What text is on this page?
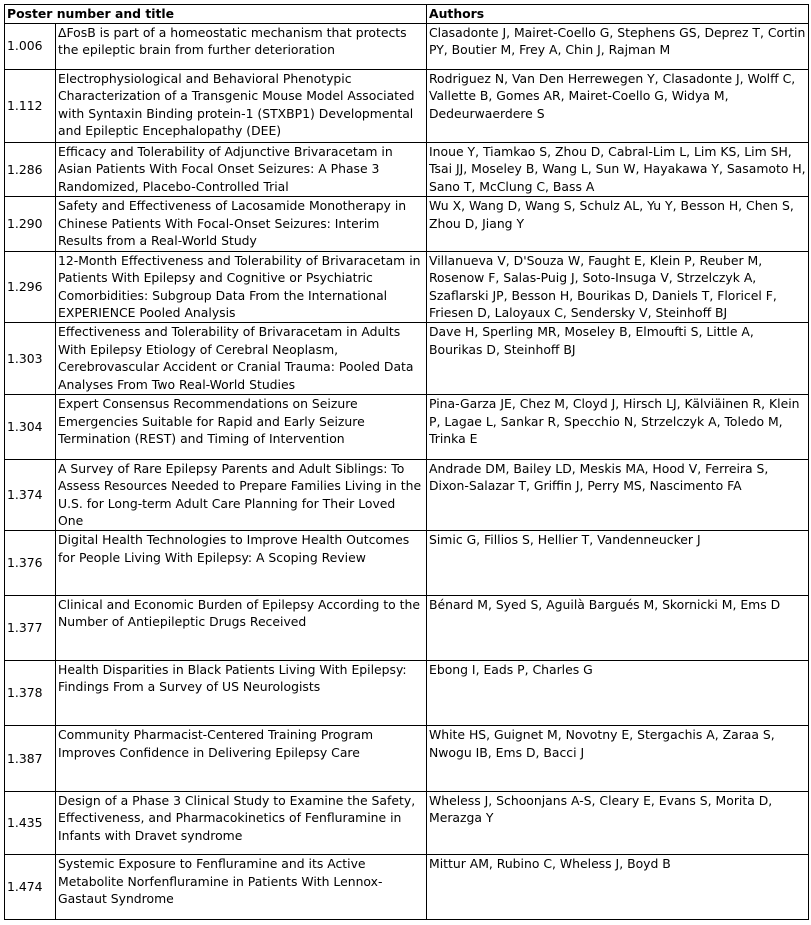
Poster number and title		Authors
1.006	ΔFosB is part of a homeostatic mechanism that protects the epileptic brain from further deterioration	Clasadonte J, Mairet-Coello G, Stephens GS, Deprez T, Cortin PY, Boutier M, Frey A, Chin J, Rajman M
1.112	Electrophysiological and Behavioral Phenotypic Characterization of a Transgenic Mouse Model Associated with Syntaxin Binding protein-1 (STXBP1) Developmental and Epileptic Encephalopathy (DEE)	Rodriguez N, Van Den Herrewegen Y, Clasadonte J, Wolff C, Vallette B, Gomes AR, Mairet-Coello G, Widya M, Dedeurwaerdere S
1.286	Efficacy and Tolerability of Adjunctive Brivaracetam in Asian Patients With Focal Onset Seizures: A Phase 3 Randomized, Placebo-Controlled Trial	Inoue Y, Tiamkao S, Zhou D, Cabral-Lim L, Lim KS, Lim SH, Tsai JJ, Moseley B, Wang L, Sun W, Hayakawa Y, Sasamoto H, Sano T, McClung C, Bass A
1.290	Safety and Effectiveness of Lacosamide Monotherapy in Chinese Patients With Focal-Onset Seizures: Interim Results from a Real-World Study	Wu X, Wang D, Wang S, Schulz AL, Yu Y, Besson H, Chen S, Zhou D, Jiang Y
1.296	12-Month Effectiveness and Tolerability of Brivaracetam in Patients With Epilepsy and Cognitive or Psychiatric Comorbidities: Subgroup Data From the International EXPERIENCE Pooled Analysis	Villanueva V, D'Souza W, Faught E, Klein P, Reuber M, Rosenow F, Salas-Puig J, Soto-Insuga V, Strzelczyk A, Szaflarski JP, Besson H, Bourikas D, Daniels T, Floricel F, Friesen D, Laloyaux C, Sendersky V, Steinhoff BJ
1.303	Effectiveness and Tolerability of Brivaracetam in Adults With Epilepsy Etiology of Cerebral Neoplasm, Cerebrovascular Accident or Cranial Trauma: Pooled Data Analyses From Two Real-World Studies	Dave H, Sperling MR, Moseley B, Elmoufti S, Little A, Bourikas D, Steinhoff BJ
1.304	Expert Consensus Recommendations on Seizure Emergencies Suitable for Rapid and Early Seizure Termination (REST) and Timing of Intervention	Pina-Garza JE, Chez M, Cloyd J, Hirsch LJ, Kälviäinen R, Klein P, Lagae L, Sankar R, Specchio N, Strzelczyk A, Toledo M, Trinka E
1.374	A Survey of Rare Epilepsy Parents and Adult Siblings: To Assess Resources Needed to Prepare Families Living in the U.S. for Long-term Adult Care Planning for Their Loved One	Andrade DM, Bailey LD, Meskis MA, Hood V, Ferreira S, Dixon-Salazar T, Griffin J, Perry MS, Nascimento FA
1.376	Digital Health Technologies to Improve Health Outcomes for People Living With Epilepsy: A Scoping Review	Simic G, Fillios S, Hellier T, Vandenneucker J
1.377	Clinical and Economic Burden of Epilepsy According to the Number of Antiepileptic Drugs Received	Bénard M, Syed S, Aguilà Bargués M, Skornicki M, Ems D
1.378	Health Disparities in Black Patients Living With Epilepsy: Findings From a Survey of US Neurologists	Ebong I, Eads P, Charles G
1.387	Community Pharmacist-Centered Training Program Improves Confidence in Delivering Epilepsy Care	White HS, Guignet M, Novotny E, Stergachis A, Zaraa S, Nwogu IB, Ems D, Bacci J
1.435	Design of a Phase 3 Clinical Study to Examine the Safety, Effectiveness, and Pharmacokinetics of Fenfluramine in Infants with Dravet syndrome	Wheless J, Schoonjans A-S, Cleary E, Evans S, Morita D, Merazga Y
1.474	Systemic Exposure to Fenfluramine and its Active Metabolite Norfenfluramine in Patients With Lennox-Gastaut Syndrome	Mittur AM, Rubino C, Wheless J, Boyd B
